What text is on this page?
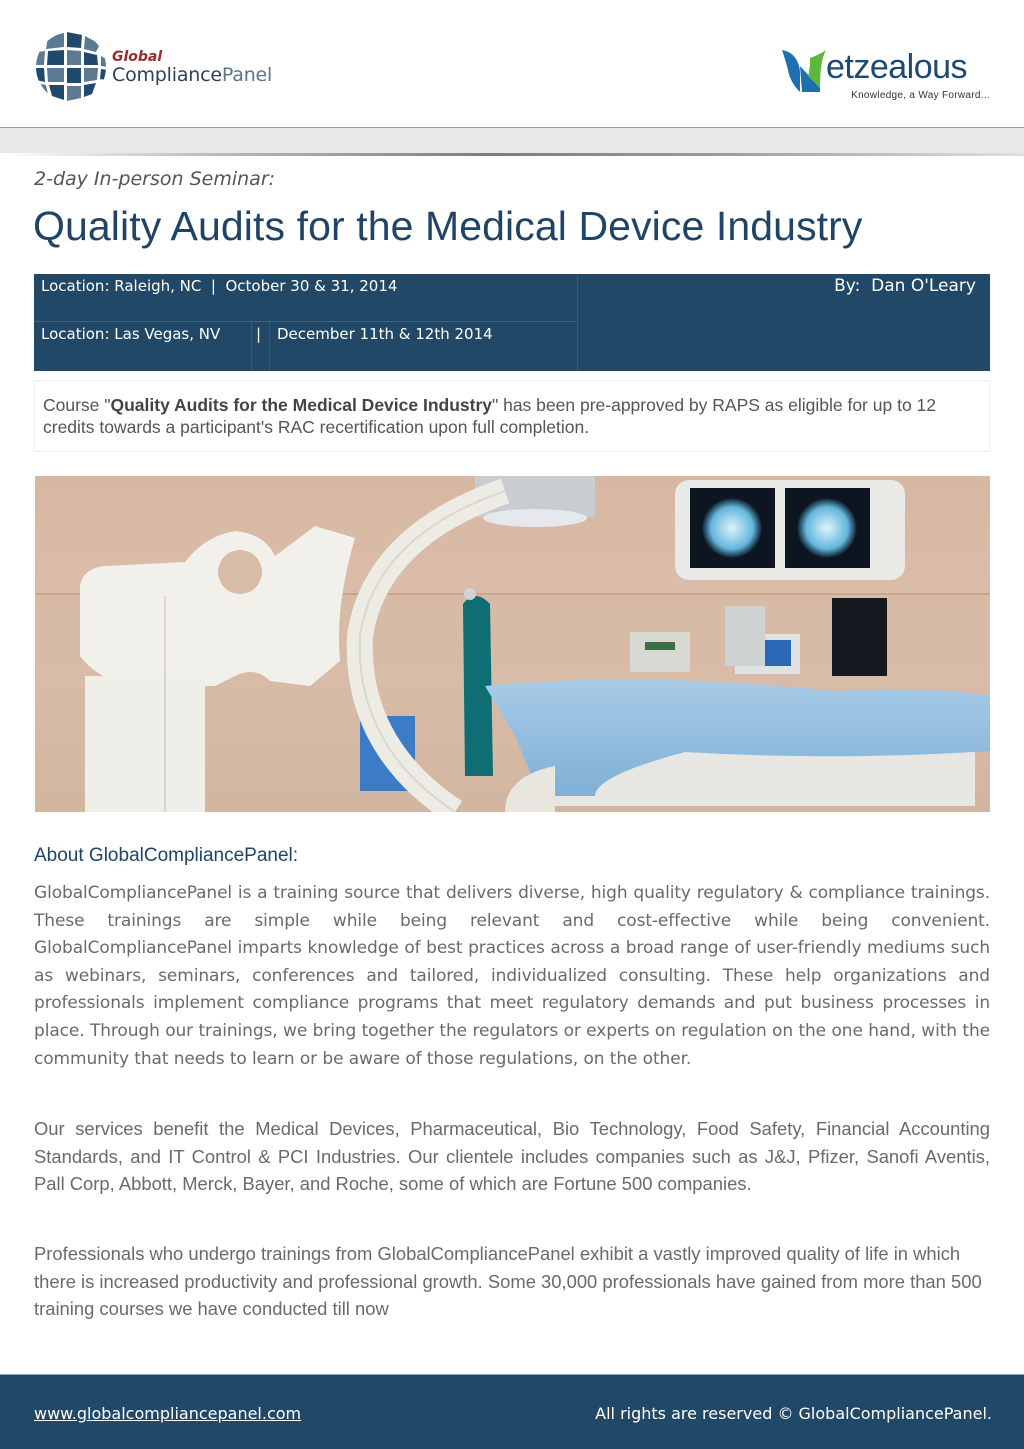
Global
CompliancePanel	etzealous
Knowledge, a Way Forward...
2-day In-person Seminar:
Quality Audits for the Medical Device Industry
Location: Raleigh, NC  |  October 30 & 31, 2014
Location: Las Vegas, NV	|	December 11th & 12th 2014
By:  Dan O'Leary
Course "Quality Audits for the Medical Device Industry" has been pre-approved by RAPS as eligible for up to 12 credits towards a participant's RAC recertification upon full completion.
About GlobalCompliancePanel:

GlobalCompliancePanel is a training source that delivers diverse, high quality regulatory & compliance trainings. These trainings are simple while being relevant and cost-effective while being convenient. GlobalCompliancePanel imparts knowledge of best practices across a broad range of user-friendly mediums such as webinars, seminars, conferences and tailored, individualized consulting. These help organizations and professionals implement compliance programs that meet regulatory demands and put business processes in place. Through our trainings, we bring together the regulators or experts on regulation on the one hand, with the community that needs to learn or be aware of those regulations, on the other.

Our services benefit the Medical Devices, Pharmaceutical, Bio Technology, Food Safety, Financial Accounting Standards, and IT Control & PCI Industries. Our clientele includes companies such as J&J, Pfizer, Sanofi Aventis, Pall Corp, Abbott, Merck, Bayer, and Roche, some of which are Fortune 500 companies.

Professionals who undergo trainings from GlobalCompliancePanel exhibit a vastly improved quality of life in which there is increased productivity and professional growth. Some 30,000 professionals have gained from more than 500 training courses we have conducted till now

www.globalcompliancepanel.com	All rights are reserved © GlobalCompliancePanel.
